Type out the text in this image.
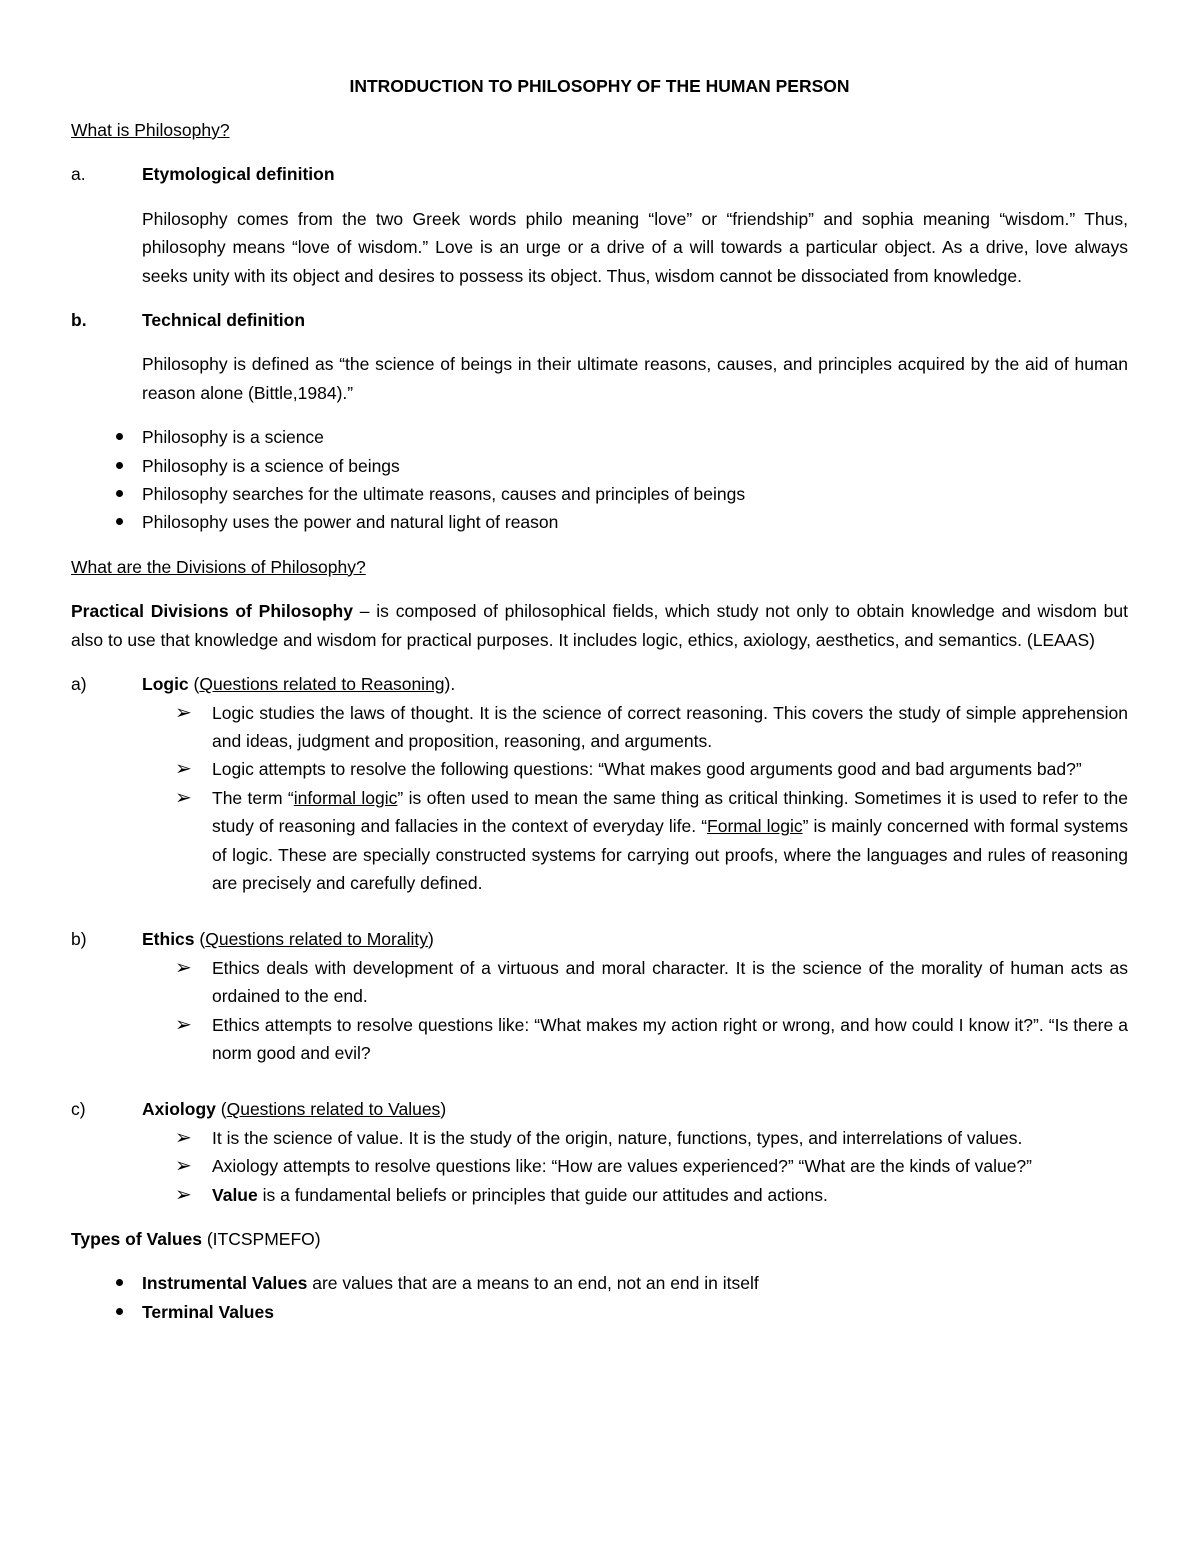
INTRODUCTION TO PHILOSOPHY OF THE HUMAN PERSON

What is Philosophy?

a.	Etymological definition

Philosophy comes from the two Greek words philo meaning “love” or “friendship” and sophia meaning “wisdom.” Thus, philosophy means “love of wisdom.” Love is an urge or a drive of a will towards a particular object. As a drive, love always seeks unity with its object and desires to possess its object. Thus, wisdom cannot be dissociated from knowledge.

b.	Technical definition

Philosophy is defined as “the science of beings in their ultimate reasons, causes, and principles acquired by the aid of human reason alone (Bittle,1984).”

Philosophy is a science
Philosophy is a science of beings
Philosophy searches for the ultimate reasons, causes and principles of beings
Philosophy uses the power and natural light of reason

What are the Divisions of Philosophy?

Practical Divisions of Philosophy – is composed of philosophical fields, which study not only to obtain knowledge and wisdom but also to use that knowledge and wisdom for practical purposes. It includes logic, ethics, axiology, aesthetics, and semantics. (LEAAS)

a)	Logic (Questions related to Reasoning).
➢ Logic studies the laws of thought. It is the science of correct reasoning. This covers the study of simple apprehension and ideas, judgment and proposition, reasoning, and arguments.
➢ Logic attempts to resolve the following questions: “What makes good arguments good and bad arguments bad?”
➢ The term “informal logic” is often used to mean the same thing as critical thinking. Sometimes it is used to refer to the study of reasoning and fallacies in the context of everyday life. “Formal logic” is mainly concerned with formal systems of logic. These are specially constructed systems for carrying out proofs, where the languages and rules of reasoning are precisely and carefully defined.
b)	Ethics (Questions related to Morality)
➢ Ethics deals with development of a virtuous and moral character. It is the science of the morality of human acts as ordained to the end.
➢ Ethics attempts to resolve questions like: “What makes my action right or wrong, and how could I know it?”. “Is there a norm good and evil?
c)	Axiology (Questions related to Values)
➢ It is the science of value. It is the study of the origin, nature, functions, types, and interrelations of values.
➢ Axiology attempts to resolve questions like: “How are values experienced?” “What are the kinds of value?”
➢ Value is a fundamental beliefs or principles that guide our attitudes and actions.

Types of Values (ITCSPMEFO)

Instrumental Values are values that are a means to an end, not an end in itself
Terminal Values
